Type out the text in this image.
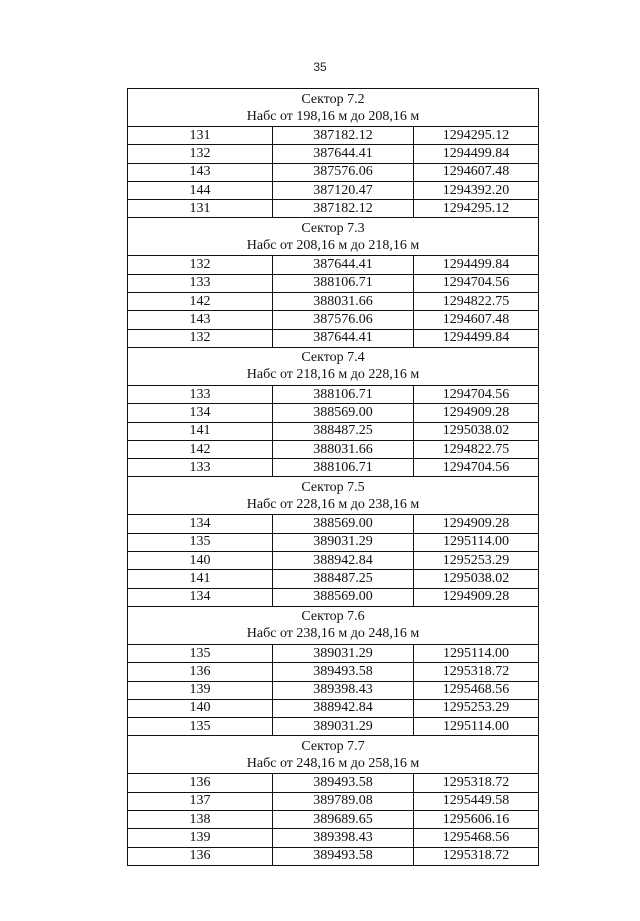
35
Сектор 7.2
Набс от 198,16 м до 208,16 м		

131	387182.12	1294295.12
132	387644.41	1294499.84
143	387576.06	1294607.48
144	387120.47	1294392.20
131	387182.12	1294295.12

Сектор 7.3
Набс от 208,16 м до 218,16 м		

132	387644.41	1294499.84
133	388106.71	1294704.56
142	388031.66	1294822.75
143	387576.06	1294607.48
132	387644.41	1294499.84

Сектор 7.4
Набс от 218,16 м до 228,16 м		

133	388106.71	1294704.56
134	388569.00	1294909.28
141	388487.25	1295038.02
142	388031.66	1294822.75
133	388106.71	1294704.56

Сектор 7.5
Набс от 228,16 м до 238,16 м		

134	388569.00	1294909.28
135	389031.29	1295114.00
140	388942.84	1295253.29
141	388487.25	1295038.02
134	388569.00	1294909.28

Сектор 7.6
Набс от 238,16 м до 248,16 м		

135	389031.29	1295114.00
136	389493.58	1295318.72
139	389398.43	1295468.56
140	388942.84	1295253.29
135	389031.29	1295114.00

Сектор 7.7
Набс от 248,16 м до 258,16 м		

136	389493.58	1295318.72
137	389789.08	1295449.58
138	389689.65	1295606.16
139	389398.43	1295468.56
136	389493.58	1295318.72
